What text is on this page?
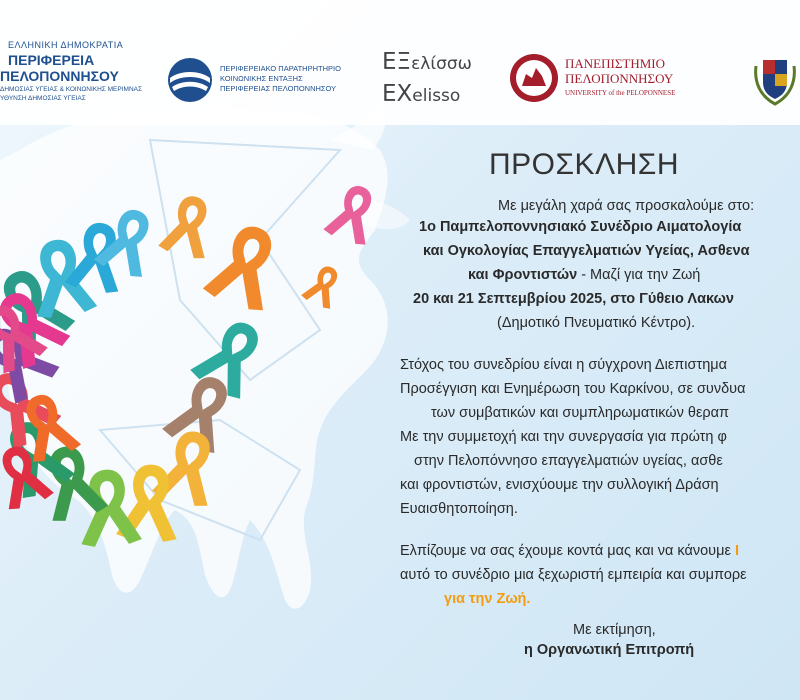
ΕΛΛΗΝΙΚΗ ΔΗΜΟΚΡΑΤΙΑ
ΠΕΡΙΦΕΡΕΙΑ
ΠΕΛΟΠΟΝΝΗΣΟΥ
ΔΗΜΟΣΙΑΣ ΥΓΕΙΑΣ & ΚΟΙΝΩΝΙΚΗΣ ΜΕΡΙΜΝΑΣ
ΥΘΥΝΣΗ ΔΗΜΟΣΙΑΣ ΥΓΕΙΑΣ
ΠΕΡΙΦΕΡΕΙΑΚΟ ΠΑΡΑΤΗΡΗΤΗΡΙΟ
ΚΟΙΝΩΝΙΚΗΣ ΕΝΤΑΞΗΣ
ΠΕΡΙΦΕΡΕΙΑΣ ΠΕΛΟΠΟΝΝΗΣΟΥ
ΕΞελίσσω
ΕΧelisso
ΠΑΝΕΠΙΣΤΗΜΙΟ
ΠΕΛΟΠΟΝΝΗΣΟΥ
UNIVERSITY of the PELOPONNESE
ΠΡΟΣΚΛΗΣΗ
Με μεγάλη χαρά σας προσκαλούμε στο:
1ο Παμπελοποννησιακό Συνέδριο Αιματολογία
και Ογκολογίας Επαγγελματιών Υγείας, Ασθενα
και Φροντιστών - Μαζί για την Ζωή
20 και 21 Σεπτεμβρίου 2025, στο Γύθειο Λακων
(Δημοτικό Πνευματικό Κέντρο).
Στόχος του συνεδρίου είναι η σύγχρονη Διεπιστημα
Προσέγγιση και Ενημέρωση του Καρκίνου, σε συνδυα
των συμβατικών και συμπληρωματικών θεραπ
Με την συμμετοχή και την συνεργασία για πρώτη φ
στην Πελοπόννησο επαγγελματιών υγείας, ασθε
και φροντιστών, ενισχύουμε την συλλογική Δράση
Ευαισθητοποίηση.
Ελπίζουμε να σας έχουμε κοντά μας και να κάνουμε Ι
αυτό το συνέδριο μια ξεχωριστή εμπειρία και συμπορε
για την Ζωή.
Με εκτίμηση,
η Οργανωτική Επιτροπή
